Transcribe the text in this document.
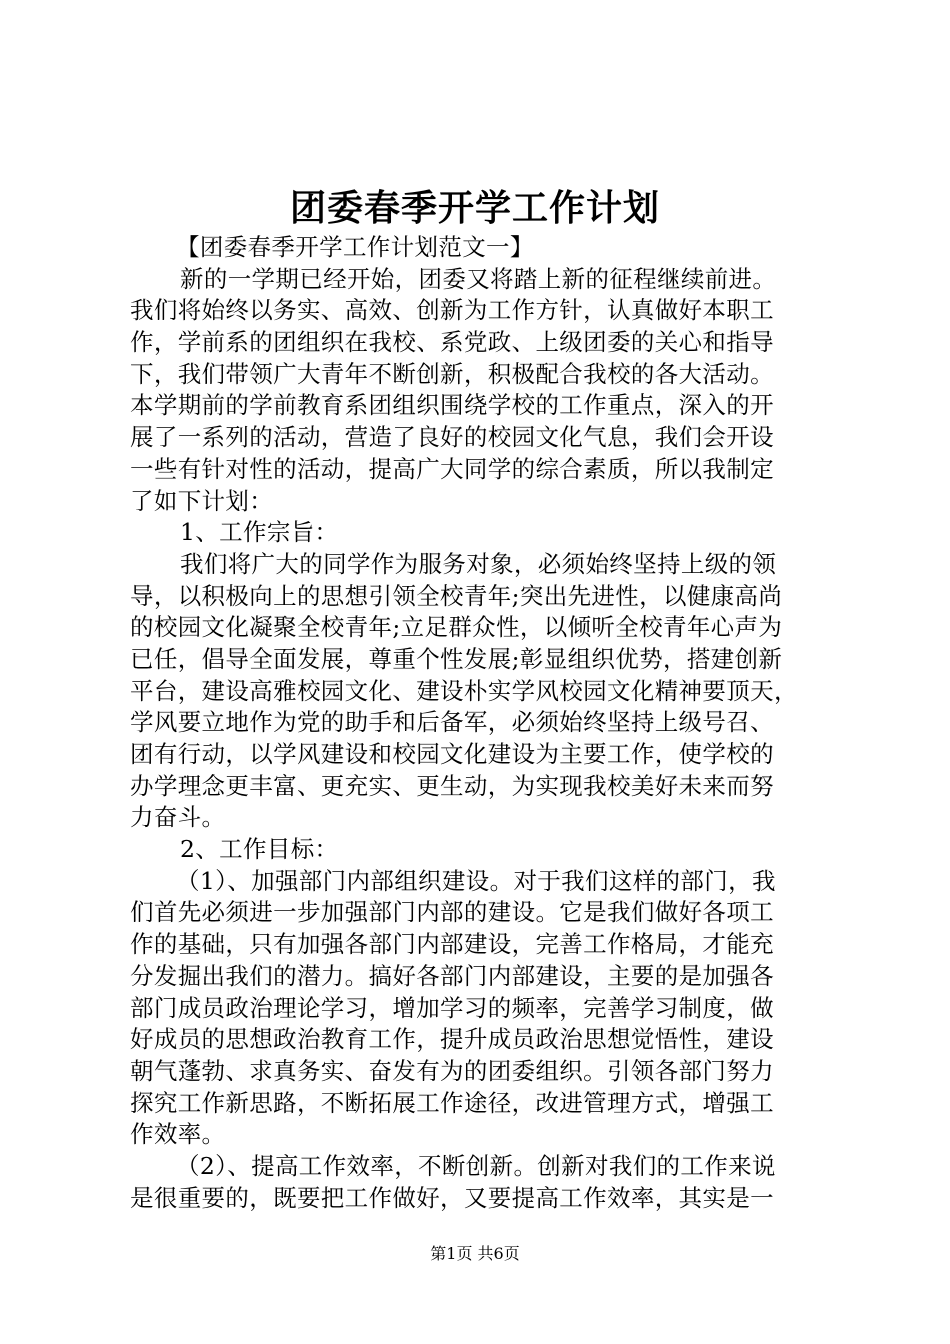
团委春季开学工作计划
【团委春季开学工作计划范文一】
新的一学期已经开始，团委又将踏上新的征程继续前进。
我们将始终以务实、高效、创新为工作方针，认真做好本职工
作，学前系的团组织在我校、系党政、上级团委的关心和指导
下，我们带领广大青年不断创新，积极配合我校的各大活动。
本学期前的学前教育系团组织围绕学校的工作重点，深入的开
展了一系列的活动，营造了良好的校园文化气息，我们会开设
一些有针对性的活动，提高广大同学的综合素质，所以我制定
了如下计划：
1、工作宗旨：
我们将广大的同学作为服务对象，必须始终坚持上级的领
导，以积极向上的思想引领全校青年;突出先进性，以健康高尚
的校园文化凝聚全校青年;立足群众性，以倾听全校青年心声为
已任，倡导全面发展，尊重个性发展;彰显组织优势，搭建创新
平台，建设高雅校园文化、建设朴实学风校园文化精神要顶天，
学风要立地作为党的助手和后备军，必须始终坚持上级号召、
团有行动，以学风建设和校园文化建设为主要工作，使学校的
办学理念更丰富、更充实、更生动，为实现我校美好未来而努
力奋斗。
2、工作目标：
（1）、加强部门内部组织建设。对于我们这样的部门，我
们首先必须进一步加强部门内部的建设。它是我们做好各项工
作的基础，只有加强各部门内部建设，完善工作格局，才能充
分发掘出我们的潜力。搞好各部门内部建设，主要的是加强各
部门成员政治理论学习，增加学习的频率，完善学习制度，做
好成员的思想政治教育工作，提升成员政治思想觉悟性，建设
朝气蓬勃、求真务实、奋发有为的团委组织。引领各部门努力
探究工作新思路，不断拓展工作途径，改进管理方式，增强工
作效率。
（2）、提高工作效率，不断创新。创新对我们的工作来说
是很重要的，既要把工作做好，又要提高工作效率，其实是一
第1页 共6页
